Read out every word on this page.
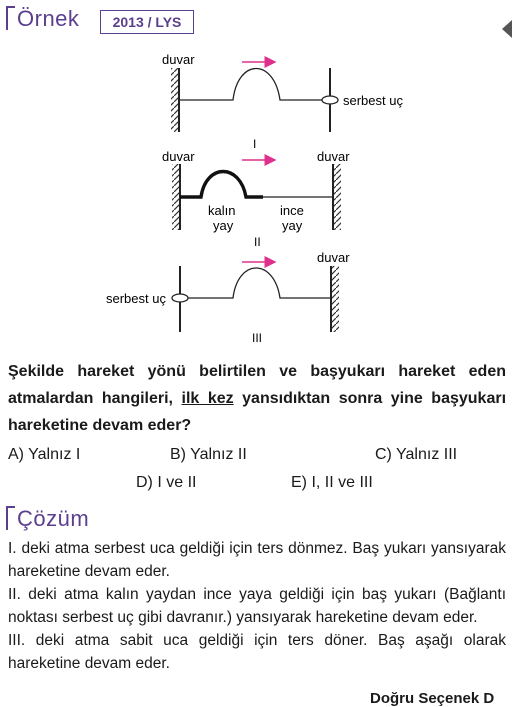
Örnek	2013 / LYS
duvar
serbest uç
I
duvar	duvar
kalın
yay
ince
yay
II
duvar
serbest uç
III
Şekilde hareket yönü belirtilen ve başyukarı hareket eden atmalardan hangileri, ilk kez yansıdıktan sonra yine başyukarı hareketine devam eder?
A) Yalnız I	B) Yalnız II	C) Yalnız III
D) I ve II	E) I, II ve III
Çözüm

I. deki atma serbest uca geldiği için ters dönmez. Baş yukarı yansıyarak hareketine devam eder.

II. deki atma kalın yaydan ince yaya geldiği için baş yukarı (Bağlantı noktası serbest uç gibi davranır.) yansıyarak hareketine devam eder.

III. deki atma sabit uca geldiği için ters döner. Baş aşağı olarak hareketine devam eder.

Doğru Seçenek D
